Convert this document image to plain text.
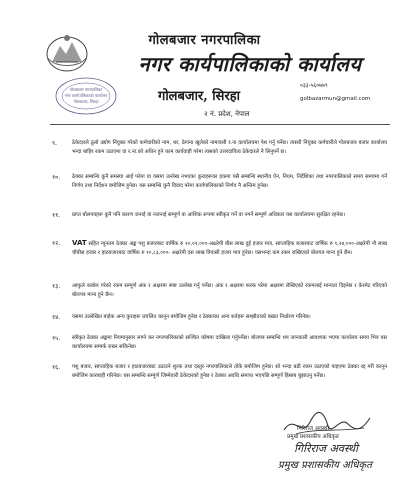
गोलबजार नगरपालिका
नगर कार्यपालिकाको कार्यालय
गोलबजार, सिरहा
गोलबजार नगरपालिका
नगर कार्यपालिकाको कार्यालय
गोलबजार, सिरहा
२ नं. प्रदेश, नेपाल
०३३-५६०७७९
golbazarmun@gmail.com
९.	ठेकेदारले ठूलो उद्योग नियुक्त गरेको कर्मचारीको नाम, थर, ठेगाना खुलेको नामावली र.ना कार्यालयमा पेश गर्नु पर्नेछ। त्यसरी नियुक्त कर्मचारीले गोलबजार बजार कार्यालय भन्दा बाहिर रकम उठाएमा वा र.ना.को अधिन हुने काम कार्यवाही गरेमा त्यसको उत्तरदायित्व ठेकेदारले नै लिनुपर्ने छ।
१०.	ठेक्का सम्बन्धि कुनै समस्या आई परेमा वा यसमा उल्लेख नभएका कुराहरूका हकमा यसै सम्बन्धि स्थानीय ऐन, नियम, निर्देशिका तथा नगरपालिकाले समय समयमा गर्ने निर्णय तथा निर्देशन बमोजिम हुनेछ। यस सम्बन्धि कुनै विवाद परेमा कार्यपालिकाको निर्णय नै अन्तिम हुनेछ।
११.	प्राप्त बोलपत्रहरू कुनै पनि कारण जनाई वा नजनाई सम्पूर्ण वा आंशिक रूपमा स्वीकृत गर्ने वा नगर्ने सम्पूर्ण अधिकार यस कार्यालयमा सुरक्षित रहनेछ।
१२.	VAT सहित न्यूनतम ठेक्का अङ्क पशु बजारबाट वार्षिक रु २०,०२,०००-अक्षरेपी बीस लाख दुई हजार मात्र, साप्ताहिक बजारबाट वार्षिक रु ९,२४,०००-अक्षरेपी नौ लाख चौबीस हजार र हाटबजारबाट वार्षिक रु १०,८३,०००- अक्षरेपी दस लाख त्रियासी हजार मात्र हुनेछ। यसभन्दा कम रकम राखिएको बोलपत्र मान्य हुने छैन।
१३.	आफुले कबोल गरेको रकम सम्पूर्ण अंक र अक्षरमा स्पष्ट उल्लेख गर्नु पर्नेछ। अंक र अक्षरमा फरक परेमा अक्षरमा लेखिएको रकमलाई मान्यता दिइनेछ र केरमेट गरिएको बोलपत्र मान्य हुने छैन।
१४.	यसमा उल्लेखित बाहेक अन्य कुराहरू प्रचलित कानून बमोजिम हुनेछ र ठेक्काका अन्य शर्तहरू सम्झौताको बखत निर्धारण गरिनेछ।
१५.	स्वीकृत ठेक्का अङ्कमा नियमानुसार लाग्ने कर नगरपालिकाको सञ्चित कोषमा दाखिला गर्नुपर्नेछ। बोलपत्र सम्बन्धि थप जानकारी आवश्यक भएमा कार्यालय समय भित्र यस कार्यालयमा सम्पर्क राख्न सकिनेछ।
१६.	पशु बजार, साप्ताहिक बजार र हाटबजारबाट उठाउने शुल्क तथा दस्तुर नगरपालिकाले तोके बमोजिम हुनेछ। सो भन्दा बढी रकम उठाएको पाइएमा ठेक्का रद्द गरी कानून बमोजिम कारबाही गरिनेछ। यस सम्बन्धि सम्पूर्ण जिम्मेवारी ठेकेदारको हुनेछ र ठेक्का अवधि समाप्त भएपछि सम्पूर्ण हिसाब बुझाउनु पर्नेछ।
गिरिराज अवस्थी
प्रमुख प्रशासकीय अधिकृत
गिरिराज अवस्थी
प्रमुख प्रशासकीय अधिकृत
